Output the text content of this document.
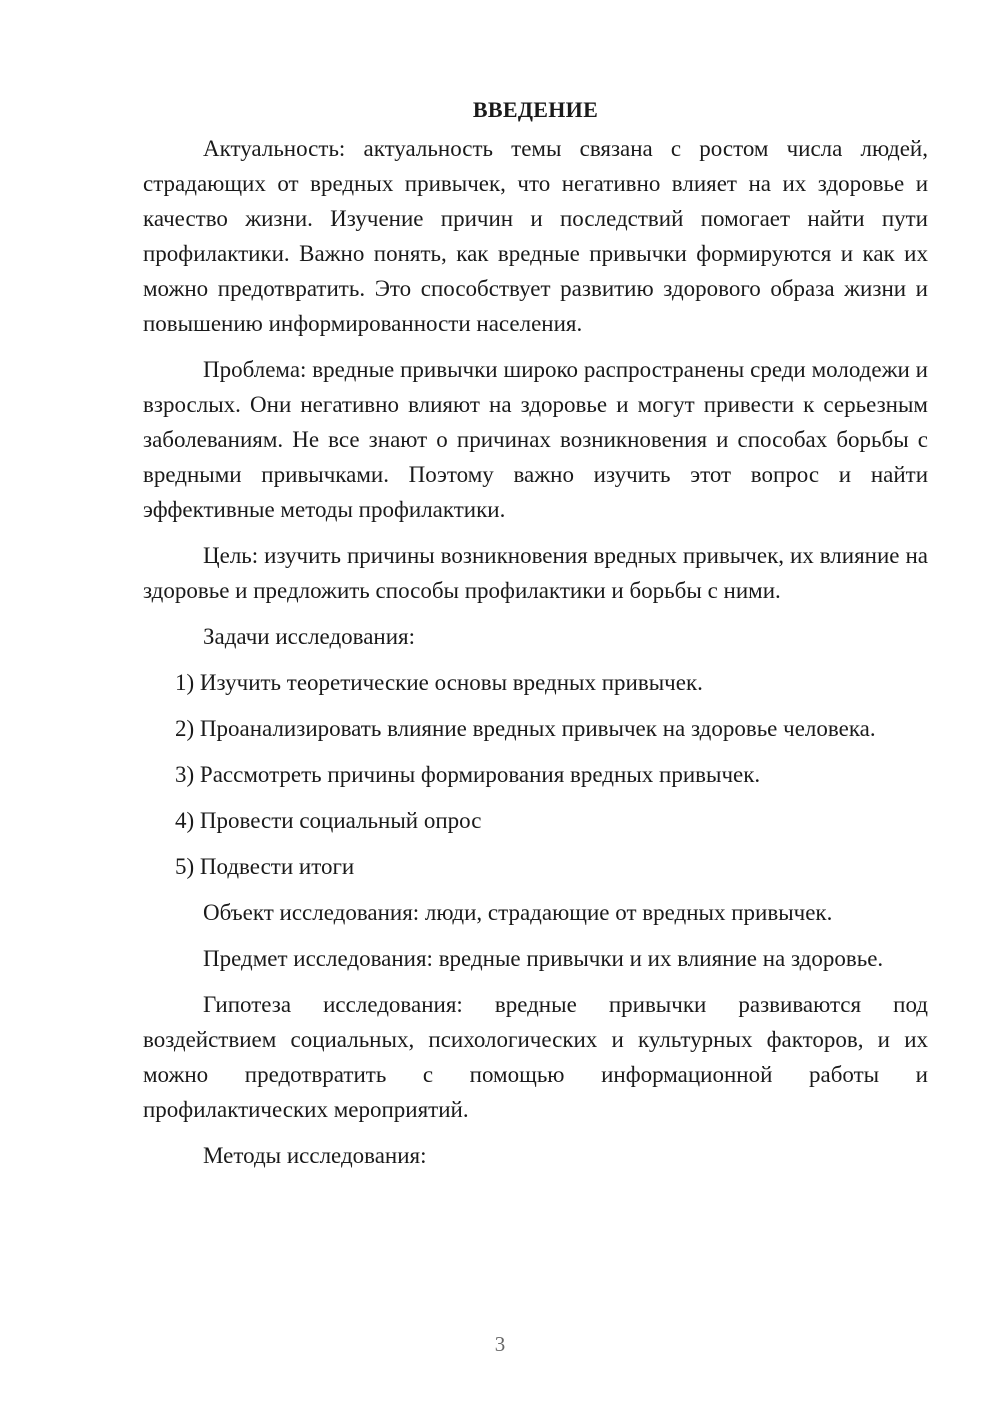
ВВЕДЕНИЕ

Актуальность: актуальность темы связана с ростом числа людей, страдающих от вредных привычек, что негативно влияет на их здоровье и качество жизни. Изучение причин и последствий помогает найти пути профилактики. Важно понять, как вредные привычки формируются и как их можно предотвратить. Это способствует развитию здорового образа жизни и повышению информированности населения.

Проблема: вредные привычки широко распространены среди молодежи и взрослых. Они негативно влияют на здоровье и могут привести к серьезным заболеваниям. Не все знают о причинах возникновения и способах борьбы с вредными привычками. Поэтому важно изучить этот вопрос и найти эффективные методы профилактики.

Цель: изучить причины возникновения вредных привычек, их влияние на здоровье и предложить способы профилактики и борьбы с ними.

Задачи исследования:

1) Изучить теоретические основы вредных привычек.

2) Проанализировать влияние вредных привычек на здоровье человека.

3) Рассмотреть причины формирования вредных привычек.

4) Провести социальный опрос

5) Подвести итоги

Объект исследования: люди, страдающие от вредных привычек.

Предмет исследования: вредные привычки и их влияние на здоровье.

Гипотеза исследования: вредные привычки развиваются под воздействием социальных, психологических и культурных факторов, и их можно предотвратить с помощью информационной работы и профилактических мероприятий.

Методы исследования:

3
